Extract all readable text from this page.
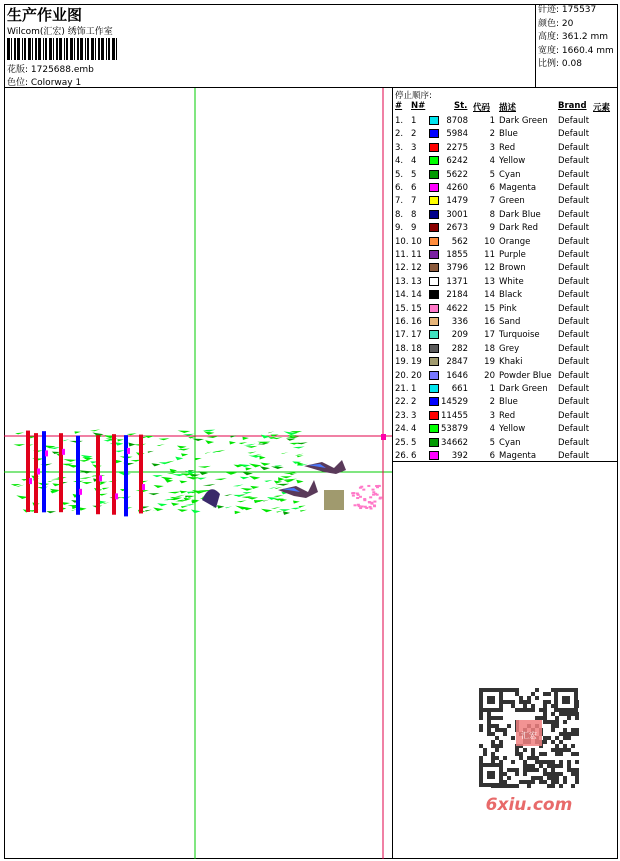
生产作业图
Wilcom(汇宏) 绣饰工作室
花版: 1725688.emb
色位: Colorway 1
针迹: 175537
颜色: 20
高度: 361.2 mm
宽度: 1660.4 mm
比例: 0.08
停止顺序:
# N#	St. 代码 描述	Brand 元素
1. 1	8708	1 Dark Green Default
2. 2	5984	2 Blue	Default
3. 3	2275	3 Red	Default
4. 4	6242	4 Yellow	Default
5. 5	5622	5 Cyan	Default
6. 6	4260	6 Magenta	Default
7. 7	1479	7 Green	Default
8. 8	3001	8 Dark Blue Default
9. 9	2673	9 Dark Red Default
10. 10	562	10 Orange	Default
11. 11	1855	11 Purple	Default
12. 12	3796	12 Brown	Default
13. 13	1371	13 White	Default
14. 14	2184	14 Black	Default
15. 15	4622	15 Pink	Default
16. 16	336	16 Sand	Default
17. 17	209	17 Turquoise Default
18. 18	282	18 Grey	Default
19. 19	2847	19 Khaki	Default
20. 20	1646	20 Powder Blue Default
21. 1	661	1 Dark Green Default
22. 2	14529	2 Blue	Default
23. 3	11455	3 Red	Default
24. 4	53879	4 Yellow	Default
25. 5	34662	5 Cyan	Default
26. 6	392	6 Magenta	Default
汇宏
6xiu.com
